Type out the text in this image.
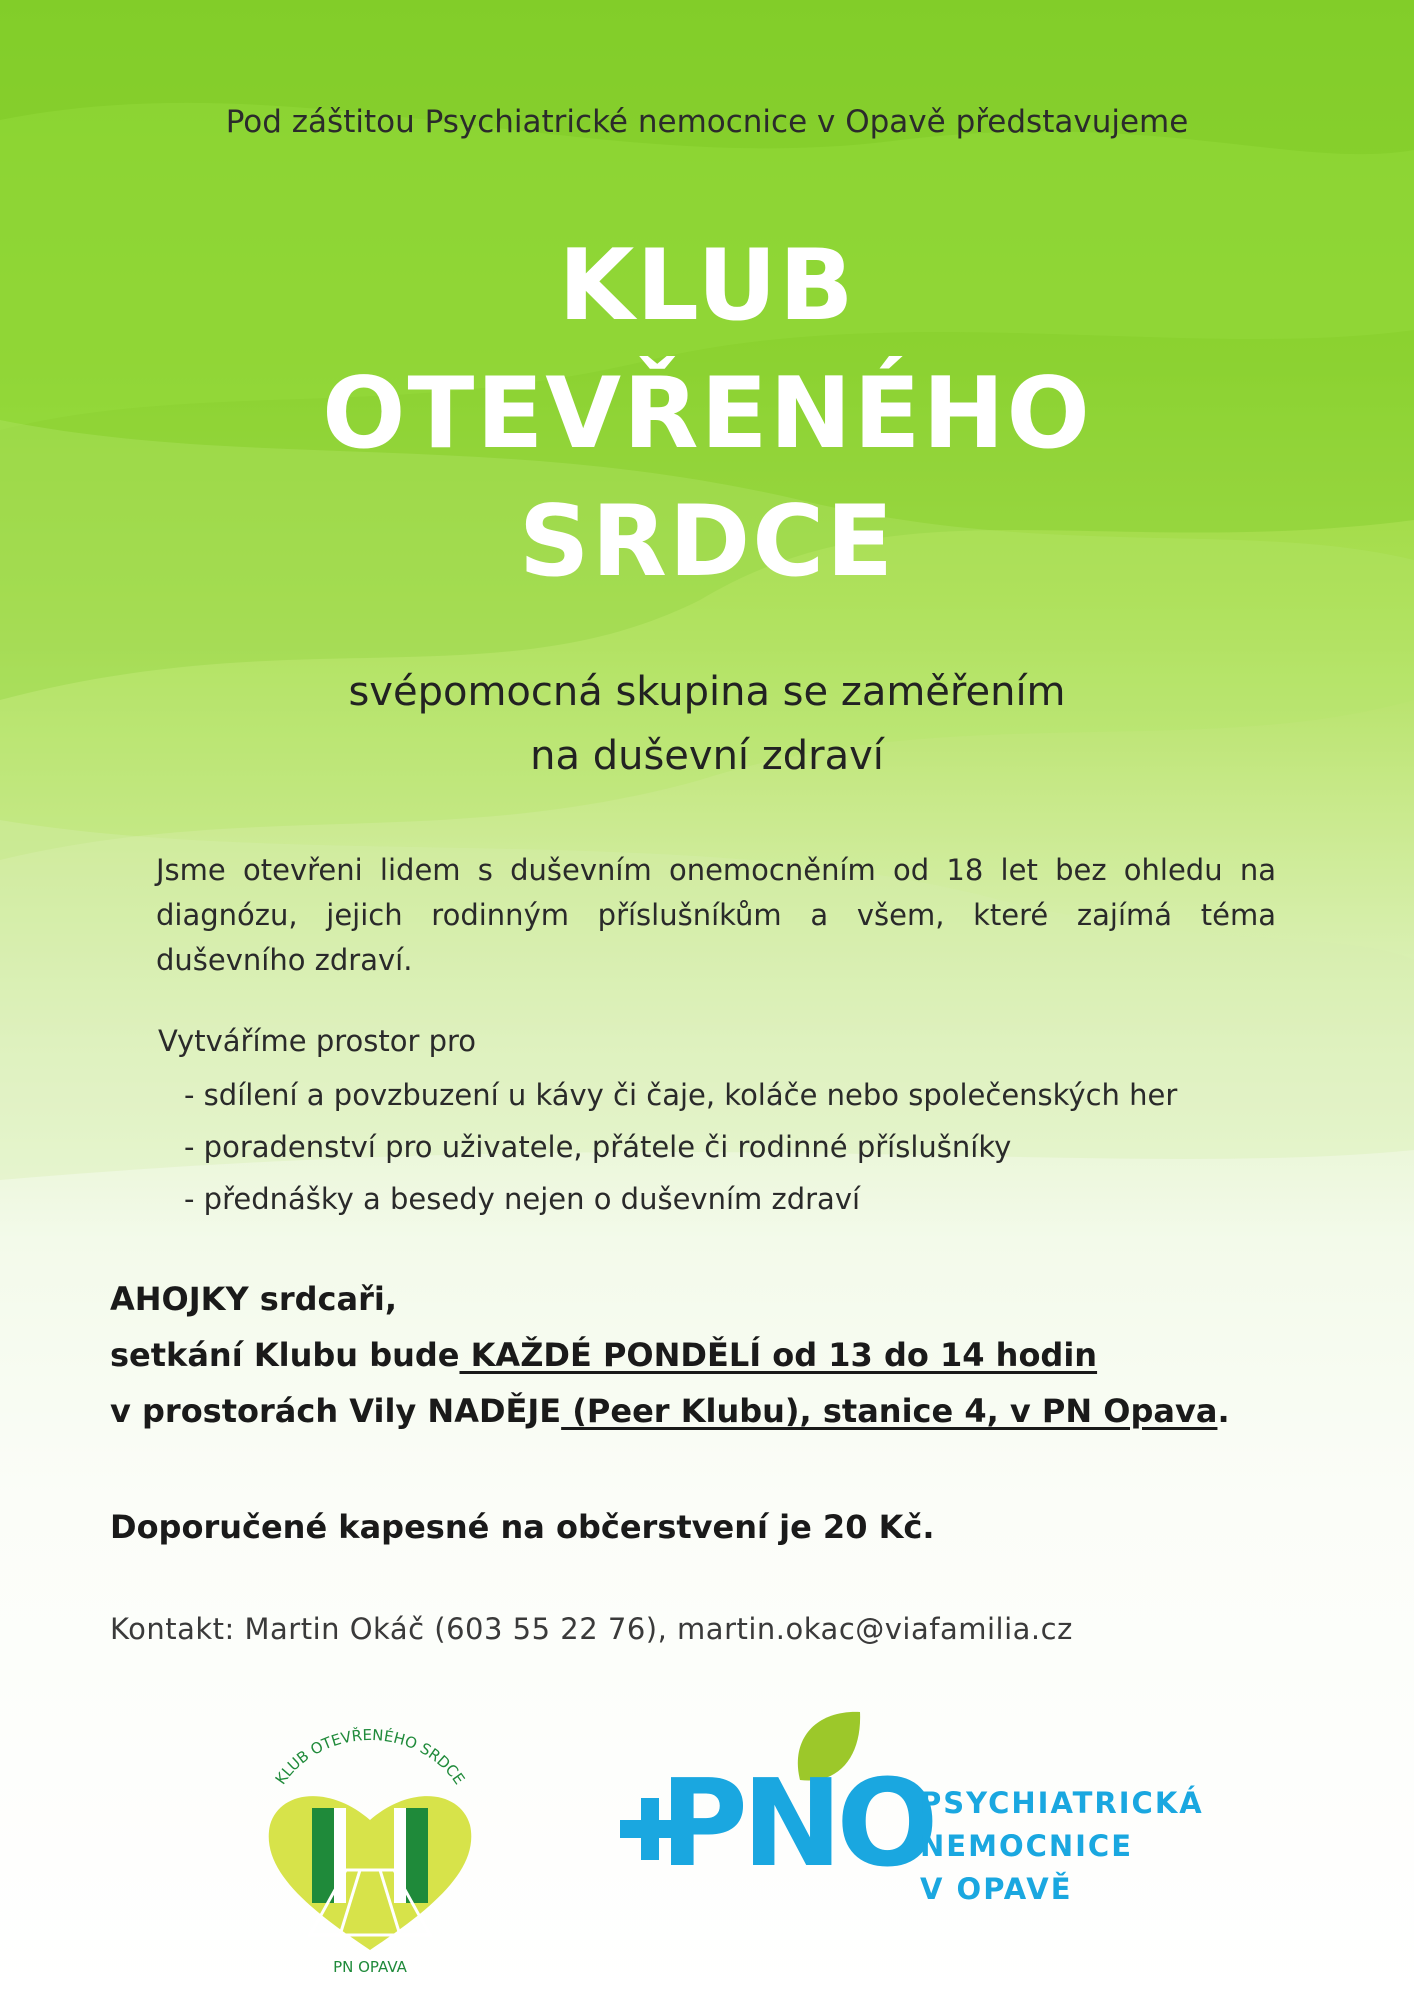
Pod záštitou Psychiatrické nemocnice v Opavě představujeme
KLUB
OTEVŘENÉHO
SRDCE
svépomocná skupina se zaměřením
na duševní zdraví
Jsme otevřeni lidem s duševním onemocněním od 18 let bez ohledu na diagnózu, jejich rodinným příslušníkům a všem, které zajímá téma duševního zdraví.
Vytváříme prostor pro
- sdílení a povzbuzení u kávy či čaje, koláče nebo společenských her
- poradenství pro uživatele, přátele či rodinné příslušníky
- přednášky a besedy nejen o duševním zdraví
AHOJKY srdcaři,
setkání Klubu bude KAŽDÉ PONDĚLÍ od 13 do 14 hodin
v prostorách Vily NADĚJE (Peer Klubu), stanice 4, v PN Opava.
Doporučené kapesné na občerstvení je 20 Kč.
Kontakt: Martin Okáč (603 55 22 76), martin.okac@viafamilia.cz
KLUB OTEVŘENÉHO SRDCE
PN OPAVA
PNO
PSYCHIATRICKÁ
NEMOCNICE
V OPAVĚ
